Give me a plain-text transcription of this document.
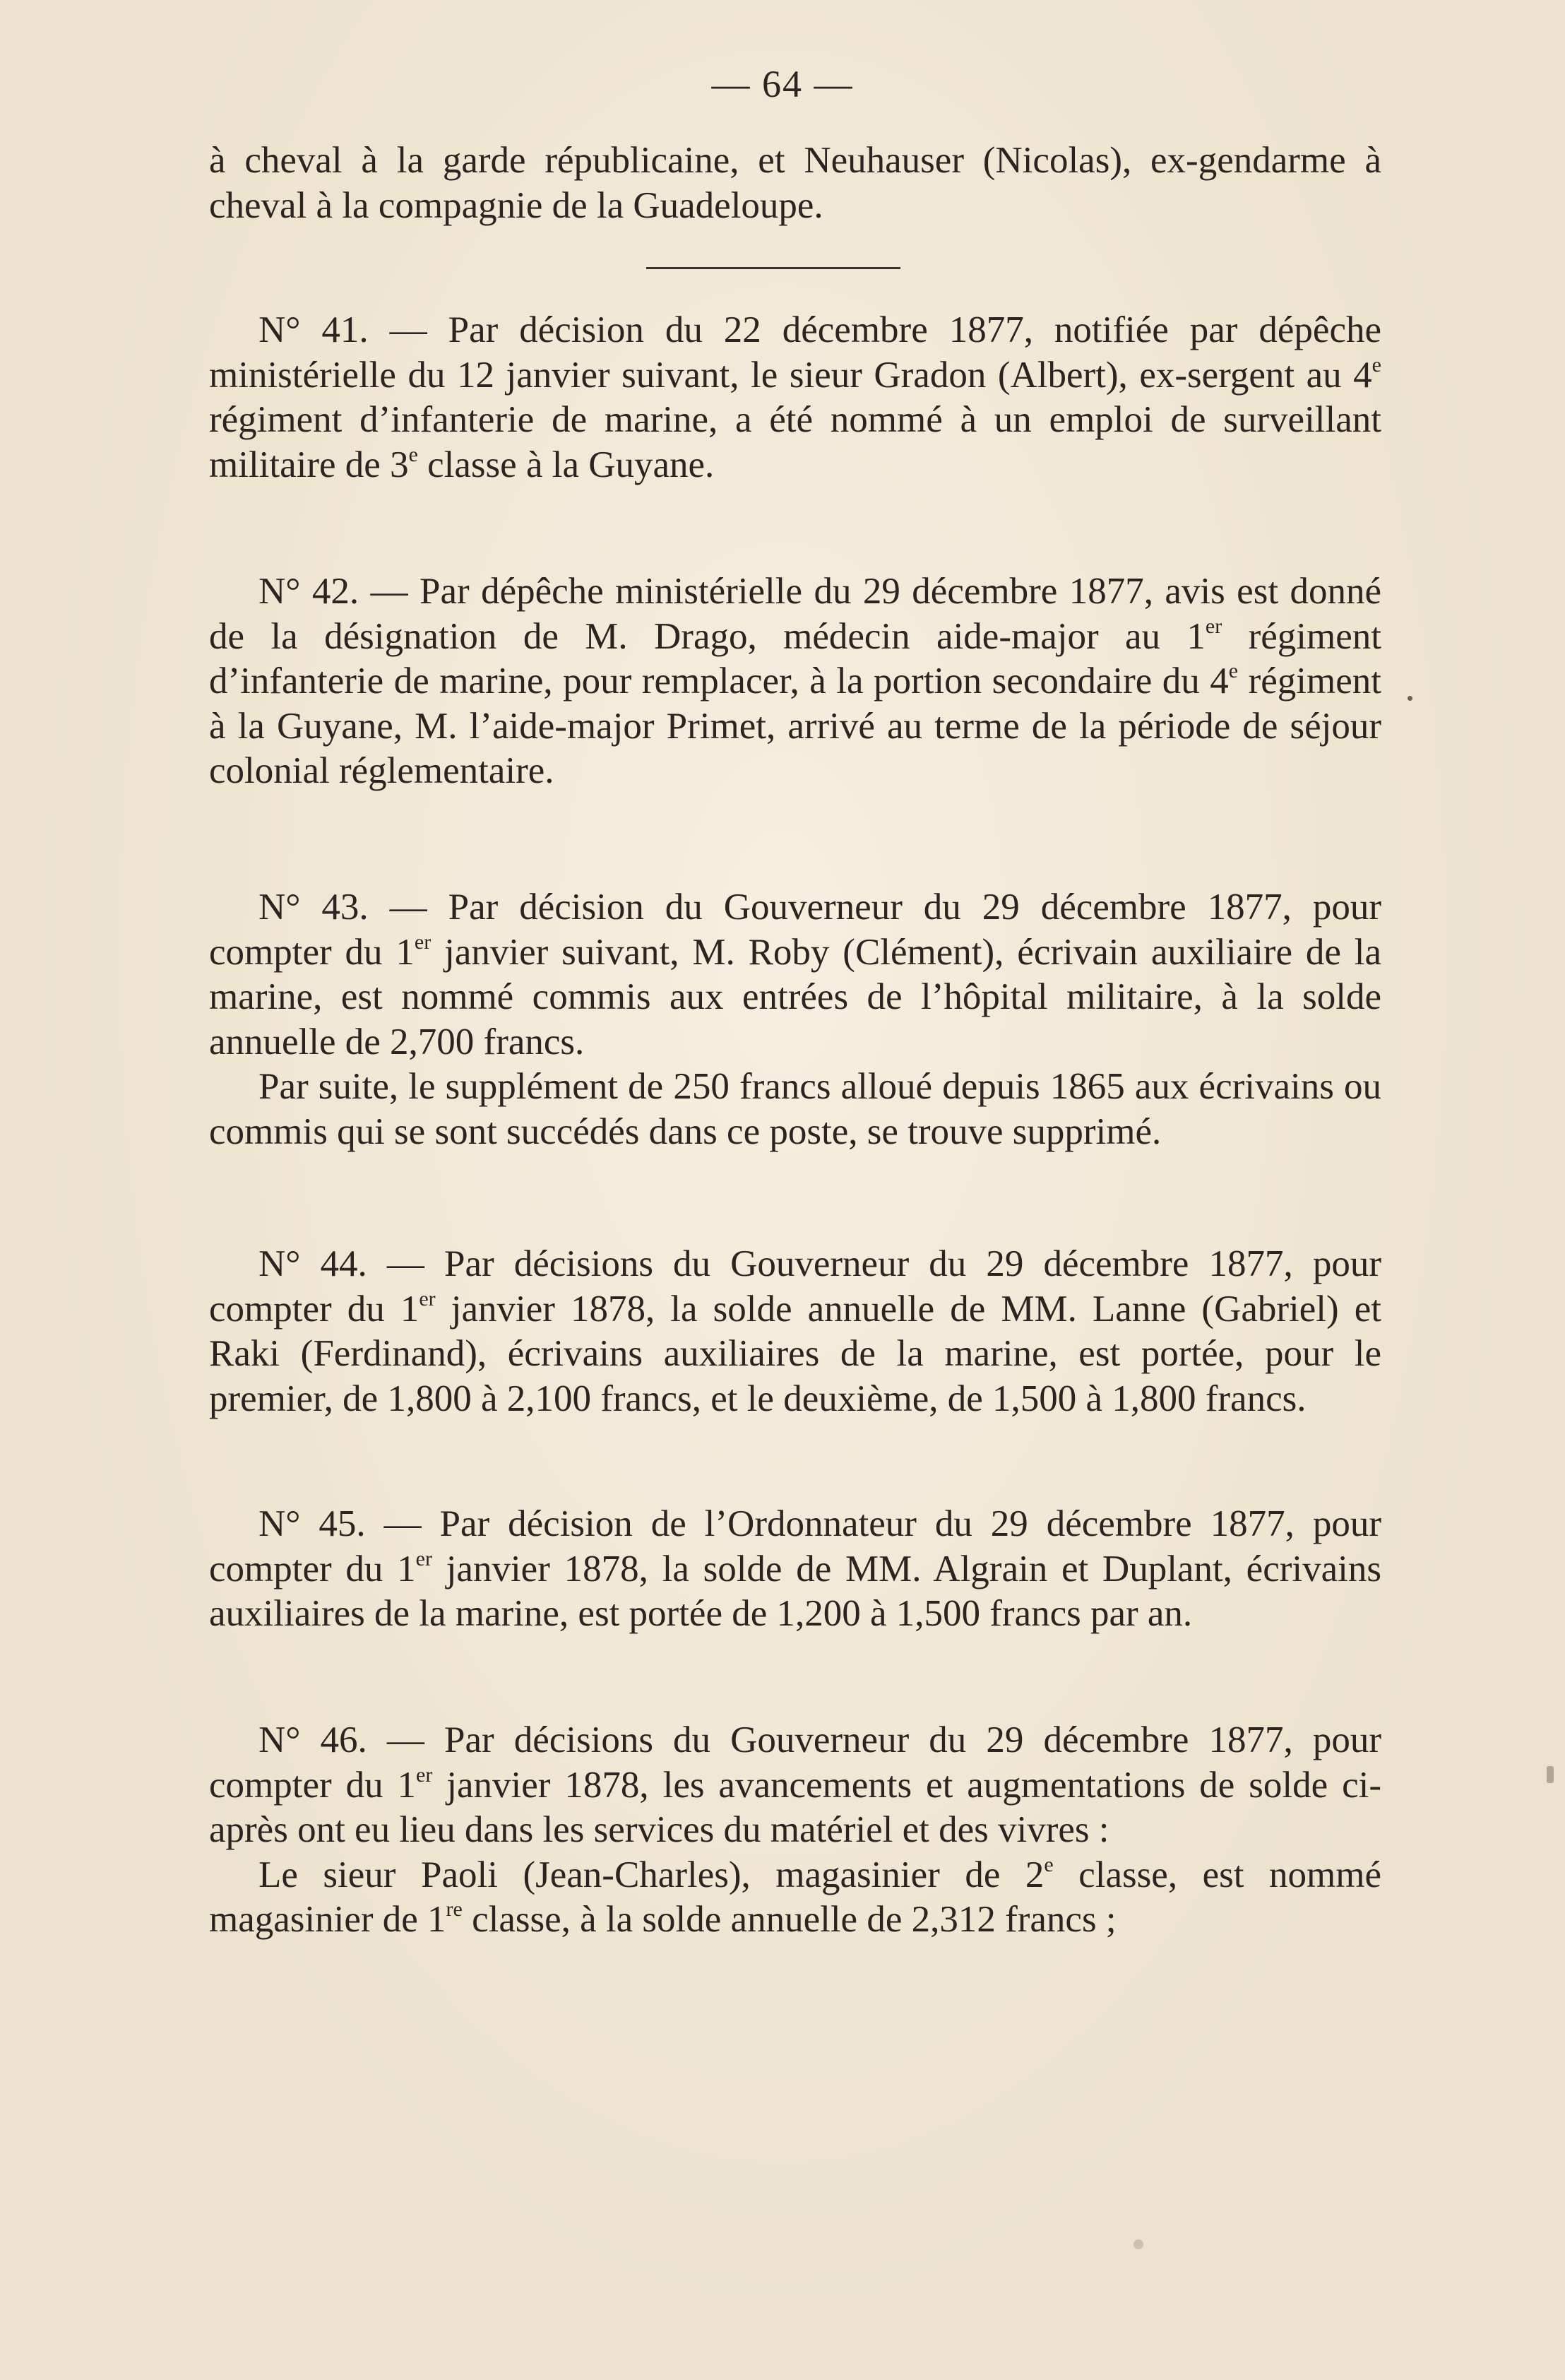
— 64 —

à cheval à la garde républicaine, et Neuhauser (Nicolas), ex-gendarme à cheval à la compagnie de la Guadeloupe.

N° 41. — Par décision du 22 décembre 1877, notifiée par dépêche ministérielle du 12 janvier suivant, le sieur Gradon (Albert), ex-sergent au 4e régiment d’infanterie de marine, a été nommé à un emploi de surveillant militaire de 3e classe à la Guyane.

N° 42. — Par dépêche ministérielle du 29 décembre 1877, avis est donné de la désignation de M. Drago, médecin aide-major au 1er régiment d’infanterie de marine, pour remplacer, à la portion secondaire du 4e régiment à la Guyane, M. l’aide-major Primet, arrivé au terme de la période de séjour colonial réglementaire.

N° 43. — Par décision du Gouverneur du 29 décembre 1877, pour compter du 1er janvier suivant, M. Roby (Clément), écrivain auxiliaire de la marine, est nommé commis aux entrées de l’hôpital militaire, à la solde annuelle de 2,700 francs.

Par suite, le supplément de 250 francs alloué depuis 1865 aux écrivains ou commis qui se sont succédés dans ce poste, se trouve supprimé.

N° 44. — Par décisions du Gouverneur du 29 décembre 1877, pour compter du 1er janvier 1878, la solde annuelle de MM. Lanne (Gabriel) et Raki (Ferdinand), écrivains auxiliaires de la marine, est portée, pour le premier, de 1,800 à 2,100 francs, et le deuxième, de 1,500 à 1,800 francs.

N° 45. — Par décision de l’Ordonnateur du 29 décembre 1877, pour compter du 1er janvier 1878, la solde de MM. Algrain et Duplant, écrivains auxiliaires de la marine, est portée de 1,200 à 1,500 francs par an.

N° 46. — Par décisions du Gouverneur du 29 décembre 1877, pour compter du 1er janvier 1878, les avancements et augmentations de solde ci-après ont eu lieu dans les services du matériel et des vivres :

Le sieur Paoli (Jean-Charles), magasinier de 2e classe, est nommé magasinier de 1re classe, à la solde annuelle de 2,312 francs ;
